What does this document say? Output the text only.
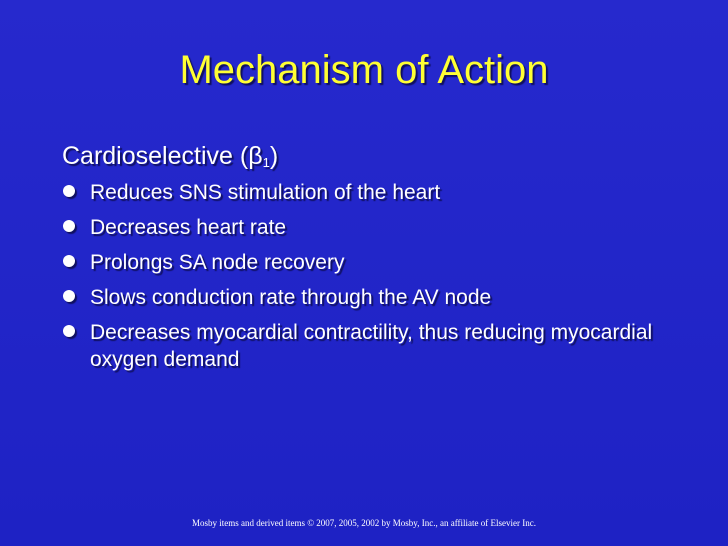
Mechanism of Action
Cardioselective $(\beta_1)$
Reduces SNS stimulation of the heart
Decreases heart rate
Prolongs SA node recovery
Slows conduction rate through the AV node
Decreases myocardial contractility, thus reducing myocardial oxygen demand
Mosby items and derived items © 2007, 2005, 2002 by Mosby, Inc., an affiliate of Elsevier Inc.
